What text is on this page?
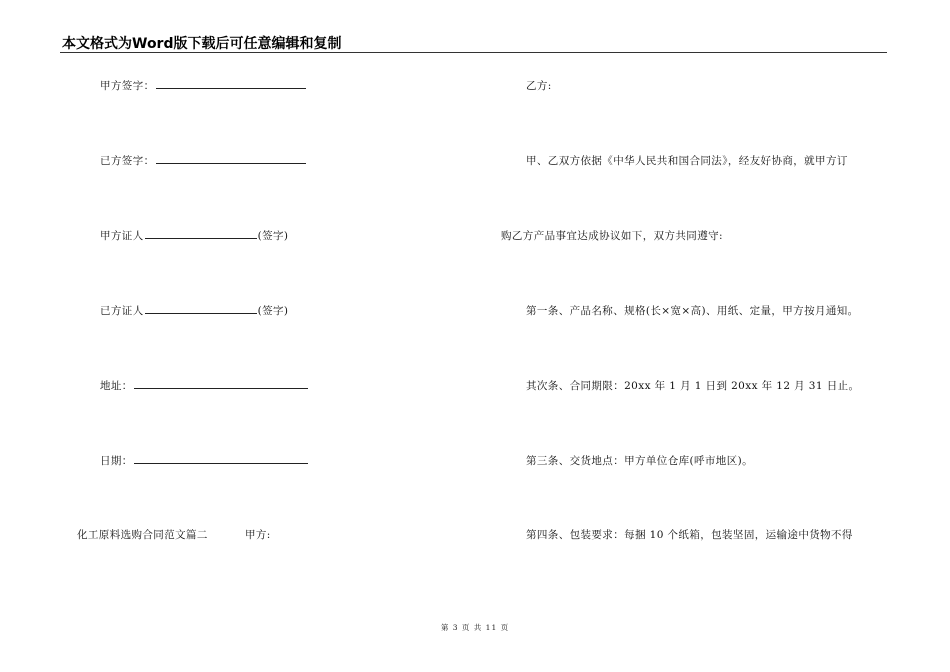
本文格式为Word版下载后可任意编辑和复制
甲方签字：
已方签字：
甲方证人	(签字)
已方证人	(签字)
地址：
日期：
化工原料选购合同范文篇二	甲方:
乙方:
甲、乙双方依据《中华人民共和国合同法》，经友好协商，就甲方订
购乙方产品事宜达成协议如下，双方共同遵守:
第一条、产品名称、规格(长×宽×高)、用纸、定量，甲方按月通知。
其次条、合同期限：20xx 年 1 月 1 日到 20xx 年 12 月 31 日止。
第三条、交货地点：甲方单位仓库(呼市地区)。
第四条、包装要求：每捆 10 个纸箱，包装坚固，运输途中货物不得
第 3 页 共 11 页
